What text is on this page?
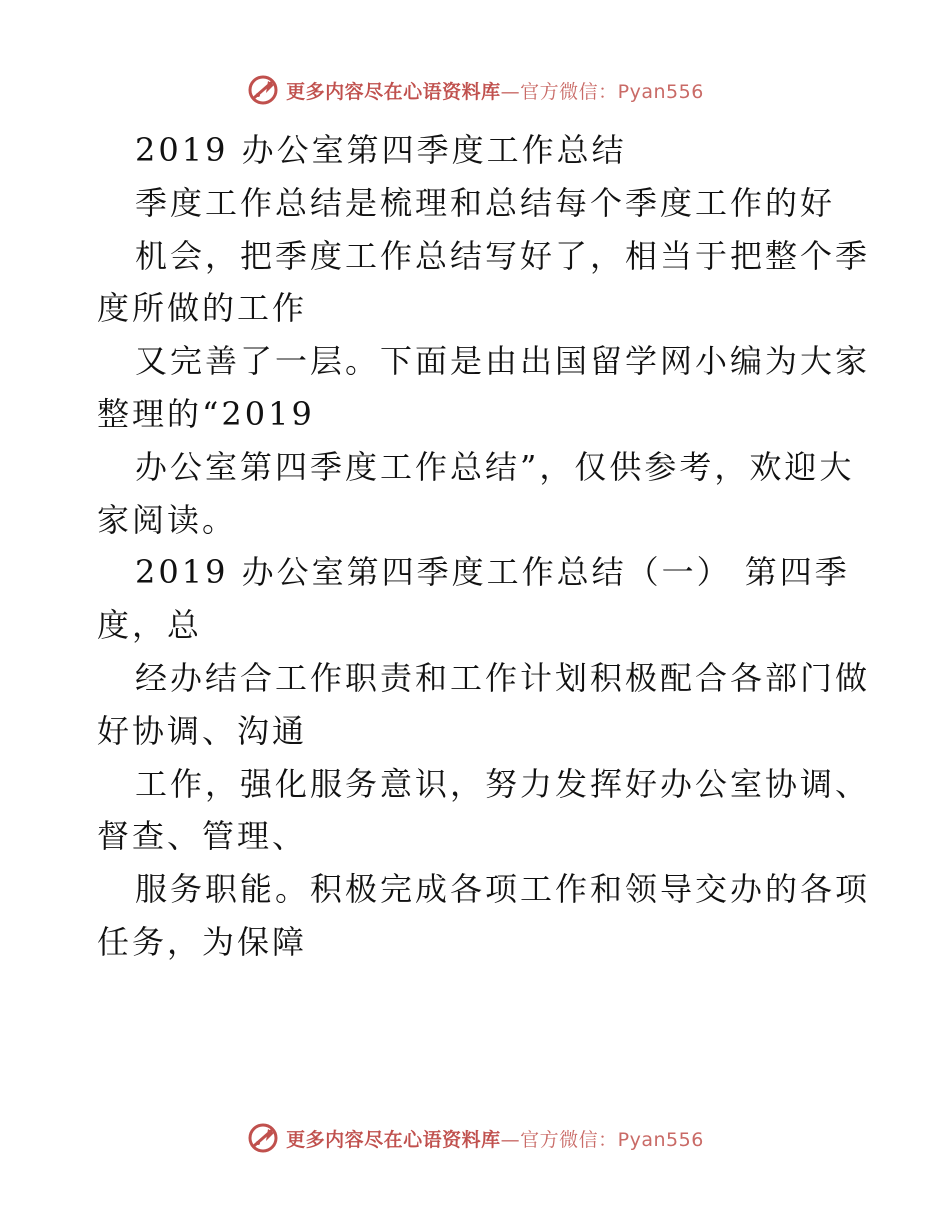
更多内容尽在心语资料库—官方微信：Pyan556
2019 办公室第四季度工作总结
季度工作总结是梳理和总结每个季度工作的好
机会，把季度工作总结写好了，相当于把整个季
度所做的工作
又完善了一层。下面是由出国留学网小编为大家
整理的“2019
办公室第四季度工作总结”，仅供参考，欢迎大
家阅读。
2019 办公室第四季度工作总结（一） 第四季
度，总
经办结合工作职责和工作计划积极配合各部门做
好协调、沟通
工作，强化服务意识，努力发挥好办公室协调、
督查、管理、
服务职能。积极完成各项工作和领导交办的各项
任务，为保障
更多内容尽在心语资料库—官方微信：Pyan556
